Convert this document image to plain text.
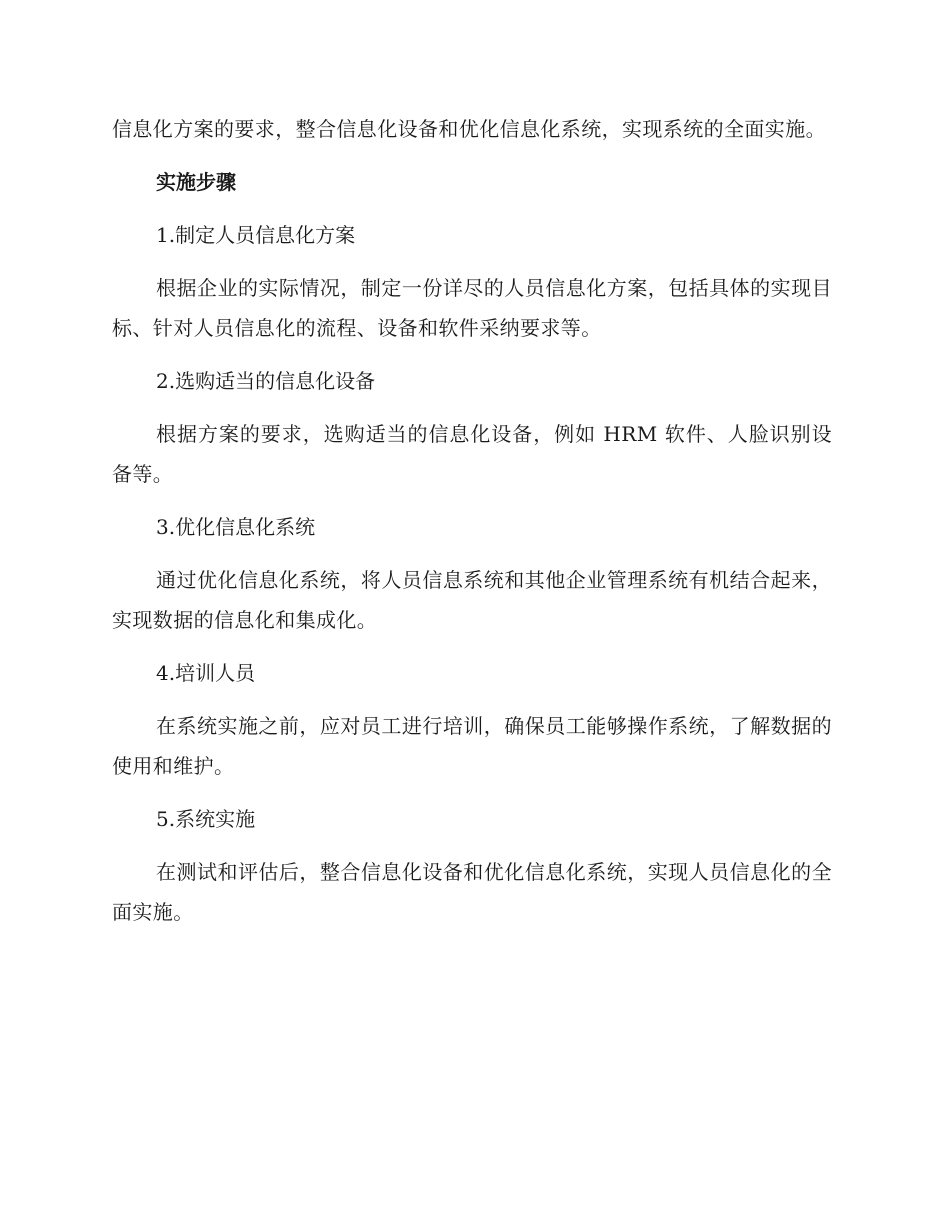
信息化方案的要求，整合信息化设备和优化信息化系统，实现系统的全面实施。

实施步骤
1.制定人员信息化方案

根据企业的实际情况，制定一份详尽的人员信息化方案，包括具体的实现目标、针对人员信息化的流程、设备和软件采纳要求等。

2.选购适当的信息化设备

根据方案的要求，选购适当的信息化设备，例如 HRM 软件、人脸识别设备等。

3.优化信息化系统

通过优化信息化系统，将人员信息系统和其他企业管理系统有机结合起来，实现数据的信息化和集成化。

4.培训人员

在系统实施之前，应对员工进行培训，确保员工能够操作系统，了解数据的使用和维护。

5.系统实施

在测试和评估后，整合信息化设备和优化信息化系统，实现人员信息化的全面实施。
